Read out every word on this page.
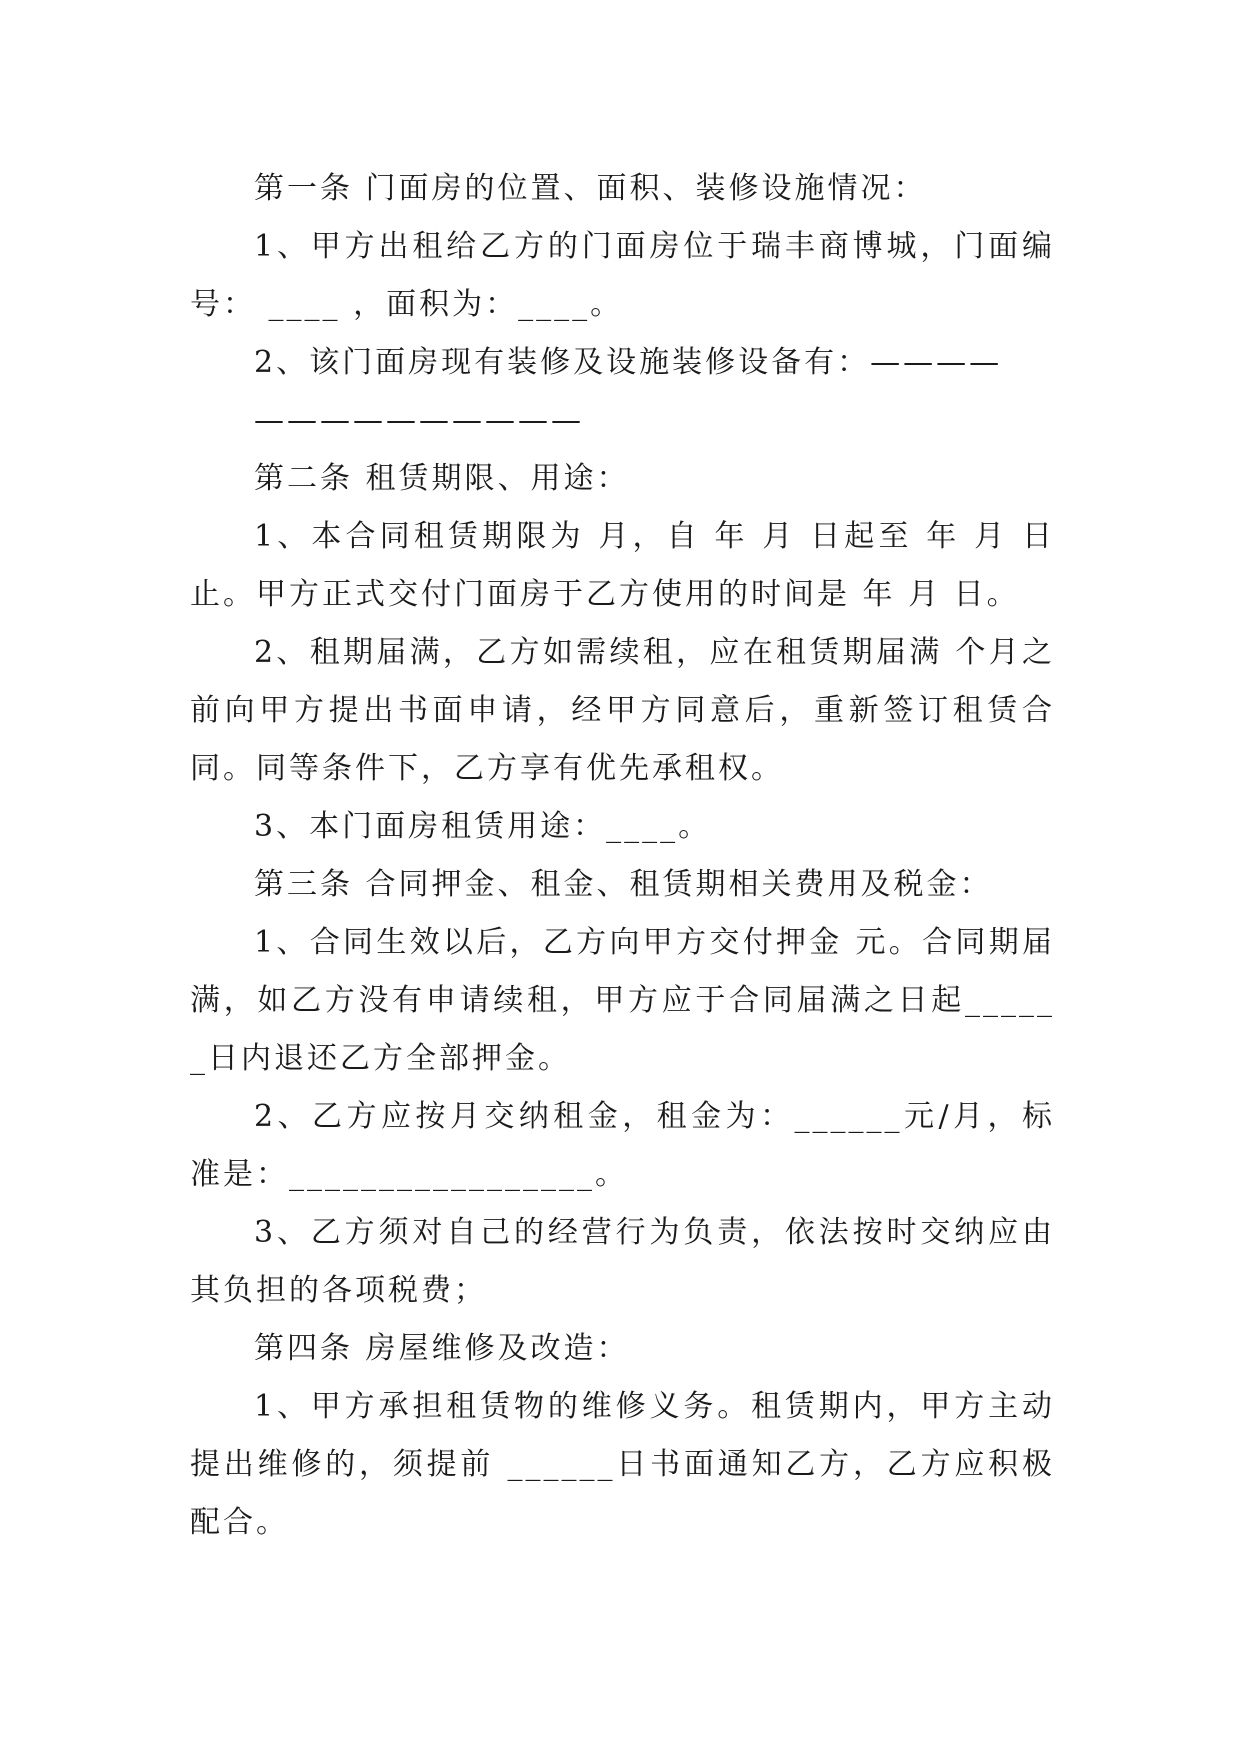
第一条 门面房的位置、面积、装修设施情况：

1、甲方出租给乙方的门面房位于瑞丰商博城，门面编号： ____ ，面积为：____。

2、该门面房现有装修及设施装修设备有：————

——————————

第二条 租赁期限、用途：

1、本合同租赁期限为 月，自 年 月 日起至 年 月 日止。甲方正式交付门面房于乙方使用的时间是 年 月 日。

2、租期届满，乙方如需续租，应在租赁期届满 个月之前向甲方提出书面申请，经甲方同意后，重新签订租赁合同。同等条件下，乙方享有优先承租权。

3、本门面房租赁用途：____。

第三条 合同押金、租金、租赁期相关费用及税金：

1、合同生效以后，乙方向甲方交付押金 元。合同期届满，如乙方没有申请续租，甲方应于合同届满之日起______日内退还乙方全部押金。

2、乙方应按月交纳租金，租金为：______元/月，标准是：_________________。

3、乙方须对自己的经营行为负责，依法按时交纳应由其负担的各项税费；

第四条 房屋维修及改造：

1、甲方承担租赁物的维修义务。租赁期内，甲方主动提出维修的，须提前 ______日书面通知乙方，乙方应积极配合。
